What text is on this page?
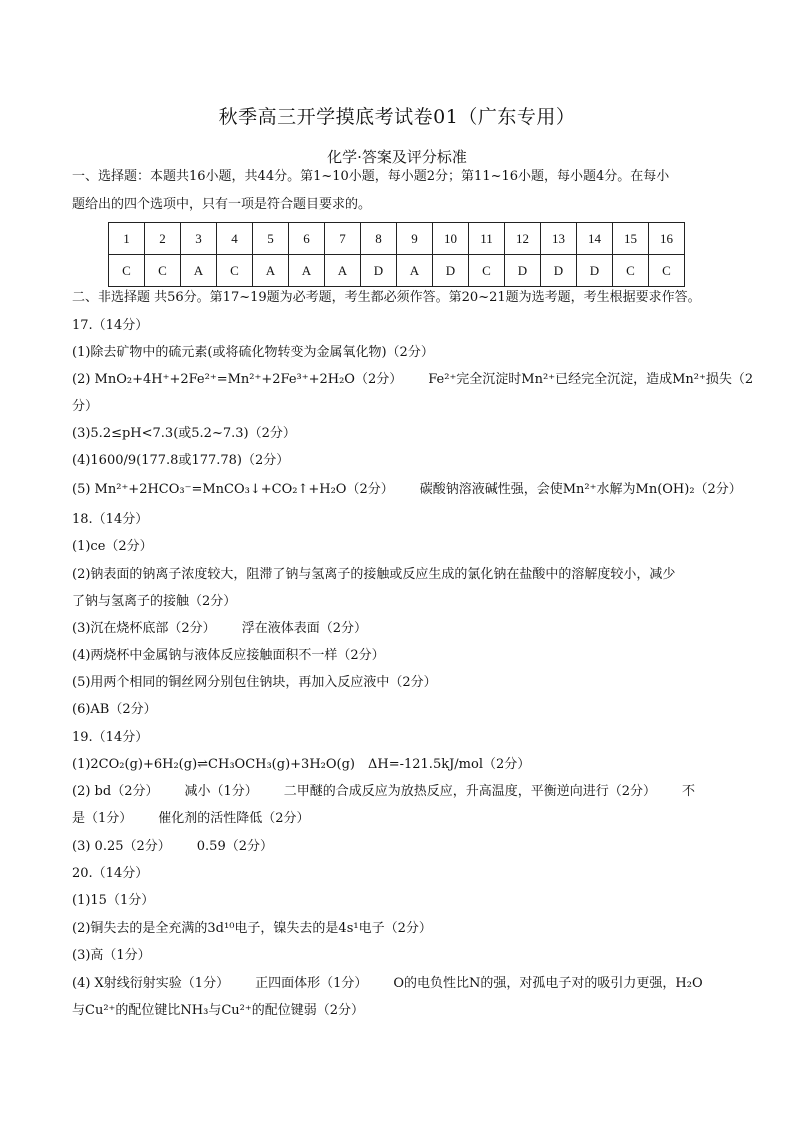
秋季高三开学摸底考试卷01（广东专用）
化学·答案及评分标准
一、选择题：本题共16小题，共44分。第1~10小题，每小题2分；第11~16小题，每小题4分。在每小
题给出的四个选项中，只有一项是符合题目要求的。
1	2	3	4	5	6	7	8	9	10	11	12	13	14	15	16
C	C	A	C	A	A	A	D	A	D	C	D	D	D	C	C
二、非选择题 共56分。第17~19题为必考题，考生都必须作答。第20~21题为选考题，考生根据要求作答。
17.（14分）
(1)除去矿物中的硫元素(或将硫化物转变为金属氧化物)（2分）
(2) MnO₂+4H⁺+2Fe²⁺=Mn²⁺+2Fe³⁺+2H₂O（2分） Fe²⁺完全沉淀时Mn²⁺已经完全沉淀，造成Mn²⁺损失（2
分）
(3)5.2≤pH<7.3(或5.2~7.3)（2分）
(4)1600/9(177.8或177.78)（2分）
(5) Mn²⁺+2HCO₃⁻=MnCO₃↓+CO₂↑+H₂O（2分） 碳酸钠溶液碱性强，会使Mn²⁺水解为Mn(OH)₂（2分）
18.（14分）
(1)ce（2分）
(2)钠表面的钠离子浓度较大，阻滞了钠与氢离子的接触或反应生成的氯化钠在盐酸中的溶解度较小，减少
了钠与氢离子的接触（2分）
(3)沉在烧杯底部（2分） 浮在液体表面（2分）
(4)两烧杯中金属钠与液体反应接触面积不一样（2分）
(5)用两个相同的铜丝网分别包住钠块，再加入反应液中（2分）
(6)AB（2分）
19.（14分）
(1)2CO₂(g)+6H₂(g)⇌CH₃OCH₃(g)+3H₂O(g)　ΔH=-121.5kJ/mol（2分）
(2) bd（2分） 减小（1分） 二甲醚的合成反应为放热反应，升高温度，平衡逆向进行（2分） 不
是（1分） 催化剂的活性降低（2分）
(3) 0.25（2分） 0.59（2分）
20.（14分）
(1)15（1分）
(2)铜失去的是全充满的3d¹⁰电子，镍失去的是4s¹电子（2分）
(3)高（1分）
(4) X射线衍射实验（1分） 正四面体形（1分） O的电负性比N的强，对孤电子对的吸引力更强，H₂O
与Cu²⁺的配位键比NH₃与Cu²⁺的配位键弱（2分）
